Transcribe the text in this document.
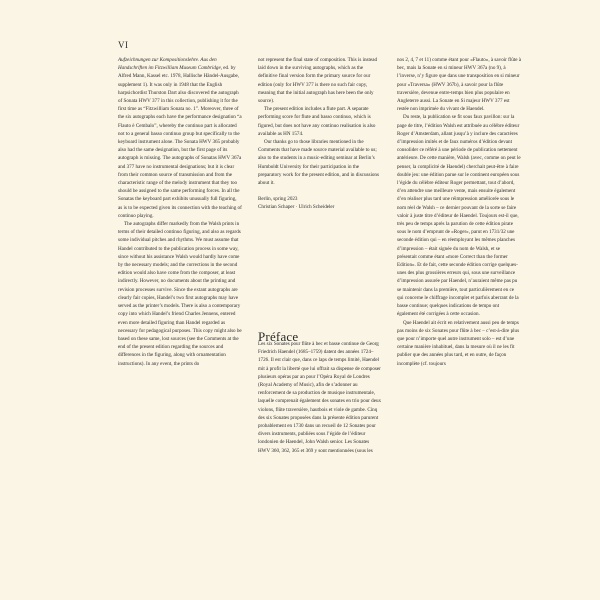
VI

Aufzeichnungen zur Kompositionslehre. Aus den Handschriften im Fitzwilliam Museum Cambridge, ed. by Alfred Mann, Kassel etc. 1978, Hallische Händel-Ausgabe, supplement 1). It was only in 1948 that the English harpsichordist Thurston Dart also discovered the autograph of Sonata HWV 377 in this collection, publishing it for the first time as “Fitzwilliam Sonata no. 1”. Moreover, three of the six autographs each have the performance designation “a Flauto è Cembalo”, whereby the continuo part is allocated not to a general basso continuo group but specifically to the keyboard instrument alone. The Sonata HWV 365 probably also had the same designation, but the first page of its autograph is missing. The autographs of Sonatas HWV 367a and 377 have no instrumental designations; but it is clear from their common source of transmission and from the characteristic range of the melody instrument that they too should be assigned to the same performing forces. In all the Sonatas the keyboard part exhibits unusually full figuring, as is to be expected given its connection with the teaching of continuo playing.

The autographs differ markedly from the Walsh prints in terms of their detailed continuo figuring, and also as regards some individual pitches and rhythms. We must assume that Handel contributed to the publication process in some way, since without his assistance Walsh would hardly have come by the necessary models; and the corrections in the second edition would also have come from the composer, at least indirectly. However, no documents about the printing and revision processes survive. Since the extant autographs are clearly fair copies, Handel’s two first autographs may have served as the printer’s models. There is also a contemporary copy into which Handel’s friend Charles Jennens, entered even more detailed figuring than Handel regarded as necessary for pedagogical purposes. This copy might also be based on these same, lost sources (see the Comments at the end of the present edition regarding the sources and differences in the figuring, along with ornamentation instructions). In any event, the prints do

not represent the final state of composition. This is instead laid down in the surviving autographs, which as the definitive final version form the primary source for our edition (only for HWV 377 is there no such fair copy, meaning that the initial autograph has here been the only source).

The present edition includes a flute part. A separate performing score for flute and basso continuo, which is figured, but does not have any continuo realisation is also available as HN 1574.

Our thanks go to those libraries mentioned in the Comments that have made source material available to us; also to the students in a music-editing seminar at Berlin’s Humboldt University for their participation in the preparatory work for the present edition, and in discussions about it.

Berlin, spring 2023

Christian Schaper · Ulrich Scheideler

Préface

Les six Sonates pour flûte à bec et basse continue de Georg Friedrich Haendel (1685–1759) datent des années 1724–1726. Il est clair que, dans ce laps de temps limité, Haendel mit à profit la liberté que lui offrait sa dispense de composer plusieurs opéras par an pour l’Opéra Royal de Londres (Royal Academy of Music), afin de s’adonner au renforcement de sa production de musique instrumentale, laquelle comprenait également des sonates en trio pour deux violons, flûte traversière, hautbois et viole de gambe. Cinq des six Sonates proposées dans la présente édition parurent probablement en 1730 dans un recueil de 12 Sonates pour divers instruments, publiées sous l’égide de l’éditeur londonien de Haendel, John Walsh senior. Les Sonates HWV 360, 362, 365 et 369 y sont mentionnées (sous les

nos 2, 4, 7 et 11) comme étant pour «Flauto», à savoir flûte à bec, mais la Sonate en si mineur HWV 367a (no 9), à l’inverse, n’y figure que dans une transposition en si mineur pour «Traversa» (HWV 367b), à savoir pour la flûte traversière, devenue entre-temps bien plus populaire en Angleterre aussi. La Sonate en Si majeur HWV 377 est restée non imprimée du vivant de Haendel.

Du reste, la publication se fit sous faux pavillon: sur la page de titre, l’édition Walsh est attribuée au célèbre éditeur Roger d’Amsterdam, allant jusqu’à y inclure des caractères d’impression imités et de faux numéros d’édition devant consolider ce référé à une période de publication nettement antérieure. De cette manière, Walsh (avec, comme on peut le penser, la complicité de Haendel) cherchait peut-être à faire double jeu: une édition parue sur le continent européen sous l’égide du célèbre éditeur Roger permettant, tout d’abord, d’en attendre une meilleure vente, mais ensuite également d’en réaliser plus tard une réimpression améliorée sous le nom réel de Walsh – ce dernier pouvant de la sorte se faire valoir à juste titre d’éditeur de Haendel. Toujours est-il que, très peu de temps après la parution de cette édition pirate sous le nom d’emprunt de «Roger», parut en 1731/32 une seconde édition qui – en réemployant les mêmes planches d’impression – était signée du nom de Walsh, et se présentait comme étant «more Correct than the former Edition». Et de fait, cette seconde édition corrige quelques-unes des plus grossières erreurs qui, sous une surveillance d’impression assurée par Haendel, n’auraient même pas pu se maintenir dans la première, tout particulièrement en ce qui concerne le chiffrage incomplet et parfois aberrant de la basse continue; quelques indications de tempo ont également été corrigées à cette occasion.

Que Haendel ait écrit en relativement aussi peu de temps pas moins de six Sonates pour flûte à bec – c’est-à-dire plus que pour n’importe quel autre instrument solo – est d’une certaine manière inhabituel, dans la mesure où il ne les fit publier que des années plus tard, et en outre, de façon incomplète (cf. toujours
